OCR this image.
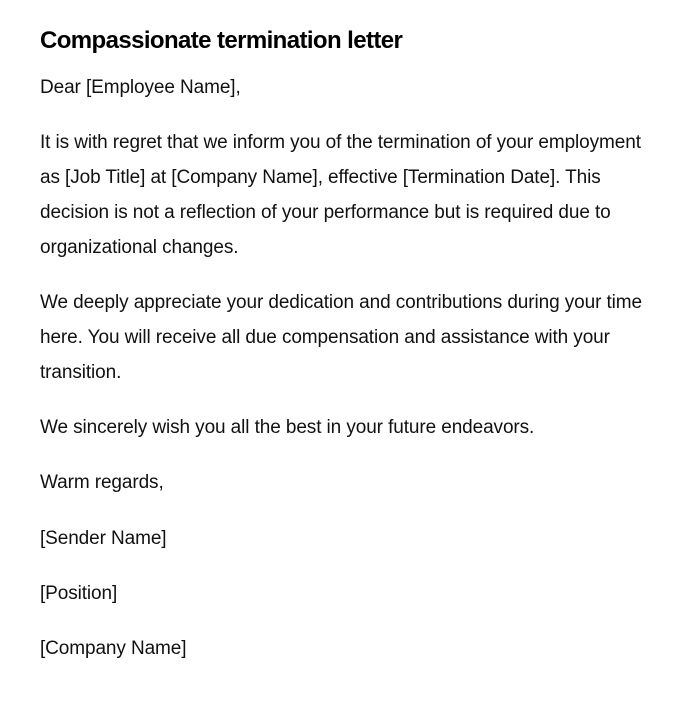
Compassionate termination letter

Dear [Employee Name],

It is with regret that we inform you of the termination of your employment as [Job Title] at [Company Name], effective [Termination Date]. This decision is not a reflection of your performance but is required due to organizational changes.

We deeply appreciate your dedication and contributions during your time here. You will receive all due compensation and assistance with your transition.

We sincerely wish you all the best in your future endeavors.

Warm regards,

[Sender Name]

[Position]

[Company Name]
